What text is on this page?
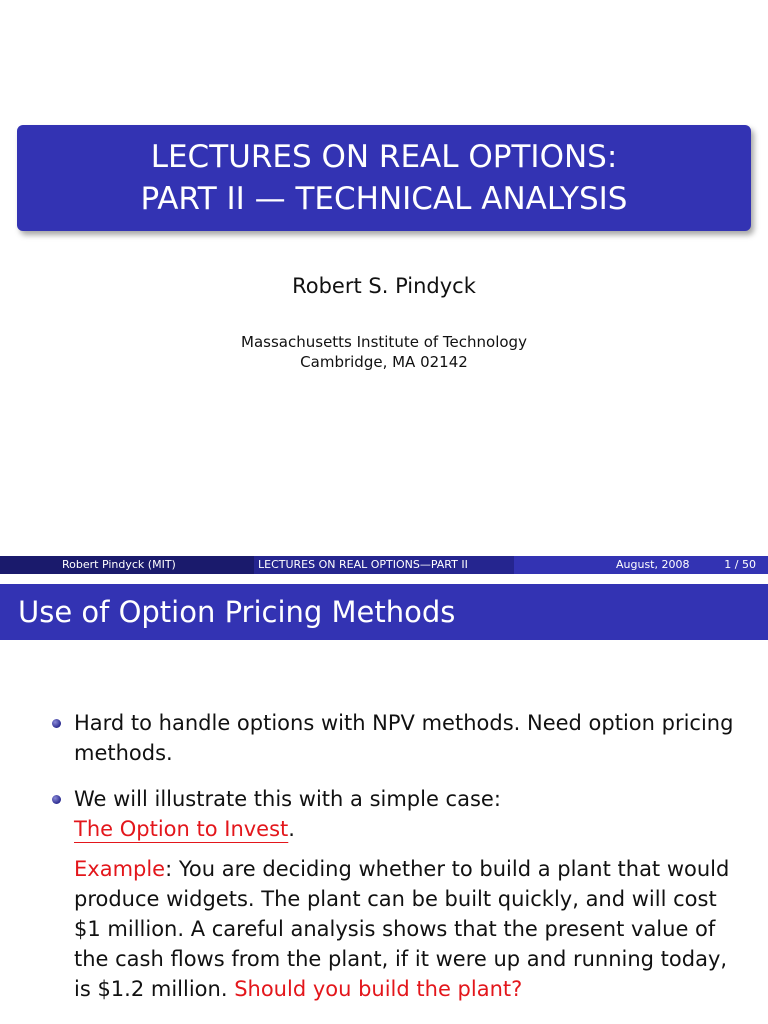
LECTURES ON REAL OPTIONS:
PART II — TECHNICAL ANALYSIS
Robert S. Pindyck
Massachusetts Institute of Technology
Cambridge, MA 02142
Robert Pindyck (MIT)	LECTURES ON REAL OPTIONS—PART II	August, 2008	1 / 50
Use of Option Pricing Methods
Hard to handle options with NPV methods. Need option pricing methods.
We will illustrate this with a simple case:
The Option to Invest.
Example: You are deciding whether to build a plant that would produce widgets. The plant can be built quickly, and will cost $1 million. A careful analysis shows that the present value of the cash flows from the plant, if it were up and running today, is $1.2 million. Should you build the plant?
